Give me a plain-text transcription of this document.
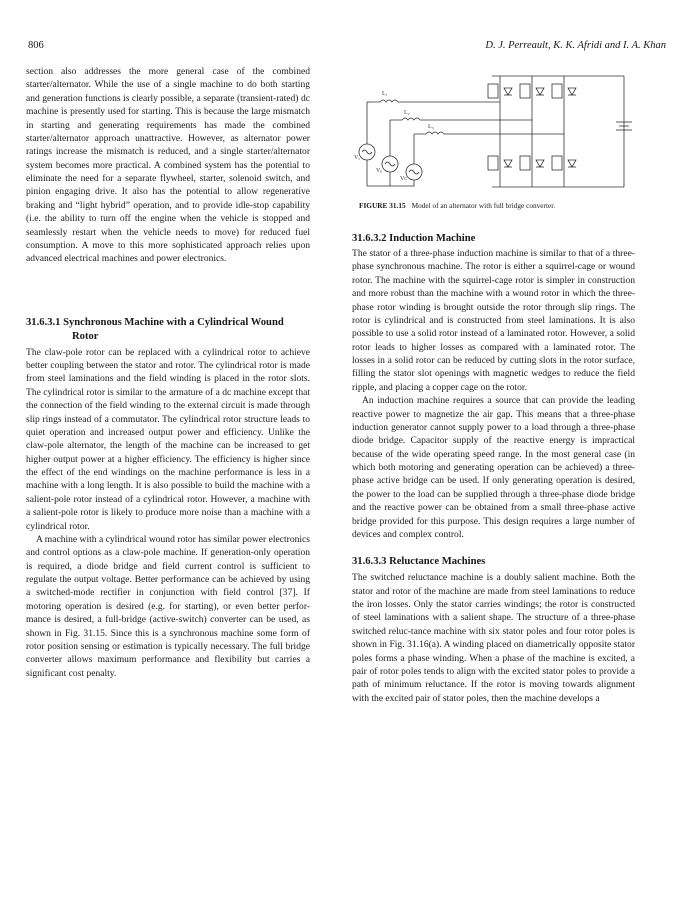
806	D. J. Perreault, K. K. Afridi and I. A. Khan

section also addresses the more general case of the combined starter/alternator. While the use of a single machine to do both starting and generation functions is clearly possible, a separate (transient-rated) dc machine is presently used for starting. This is because the large mismatch in starting and generating requirements has made the combined starter/alternator approach unattractive. However, as alternator power ratings increase the mismatch is reduced, and a single starter/alternator system becomes more practical. A combined system has the potential to eliminate the need for a separate flywheel, starter, solenoid switch, and pinion engaging drive. It also has the potential to allow regenerative braking and “light hybrid” operation, and to provide idle-stop capability (i.e. the ability to turn off the engine when the vehicle is stopped and seamlessly restart when the vehicle needs to move) for reduced fuel consumption. A move to this more sophisticated approach relies upon advanced electrical machines and power electronics.

31.6.3.1 Synchronous Machine with a Cylindrical Wound Rotor

The claw-pole rotor can be replaced with a cylindrical rotor to achieve better coupling between the stator and rotor. The cylindrical rotor is made from steel laminations and the field winding is placed in the rotor slots. The cylindrical rotor is similar to the armature of a dc machine except that the connection of the field winding to the external circuit is made through slip rings instead of a commutator. The cylindrical rotor structure leads to quiet operation and increased output power and efficiency. Unlike the claw-pole alternator, the length of the machine can be increased to get higher output power at a higher efficiency. The efficiency is higher since the effect of the end windings on the machine performance is less in a machine with a long length. It is also possible to build the machine with a salient-pole rotor instead of a cylindrical rotor. However, a machine with a salient-pole rotor is likely to produce more noise than a machine with a cylindrical rotor.

A machine with a cylindrical wound rotor has similar power electronics and control options as a claw-pole machine. If generation-only operation is required, a diode bridge and field current control is sufficient to regulate the output voltage. Better performance can be achieved by using a switched-mode rectifier in conjunction with field control [37]. If motoring operation is desired (e.g. for starting), or even better perfor-mance is desired, a full-bridge (active-switch) converter can be used, as shown in Fig. 31.15. Since this is a synchronous machine some form of rotor position sensing or estimation is typically necessary. The full bridge converter allows maximum performance and flexibility but carries a significant cost penalty.

L₁
L₂
L₃
Vₐ
Vᵦ
Vᴄ
FIGURE 31.15 Model of an alternator with full bridge converter.
31.6.3.2 Induction Machine

The stator of a three-phase induction machine is similar to that of a three-phase synchronous machine. The rotor is either a squirrel-cage or wound rotor. The machine with the squirrel-cage rotor is simpler in construction and more robust than the machine with a wound rotor in which the three-phase rotor winding is brought outside the rotor through slip rings. The rotor is cylindrical and is constructed from steel laminations. It is also possible to use a solid rotor instead of a laminated rotor. However, a solid rotor leads to higher losses as compared with a laminated rotor. The losses in a solid rotor can be reduced by cutting slots in the rotor surface, filling the stator slot openings with magnetic wedges to reduce the field ripple, and placing a copper cage on the rotor.

An induction machine requires a source that can provide the leading reactive power to magnetize the air gap. This means that a three-phase induction generator cannot supply power to a load through a three-phase diode bridge. Capacitor supply of the reactive energy is impractical because of the wide operating speed range. In the most general case (in which both motoring and generating operation can be achieved) a three-phase active bridge can be used. If only generating operation is desired, the power to the load can be supplied through a three-phase diode bridge and the reactive power can be obtained from a small three-phase active bridge provided for this purpose. This design requires a large number of devices and complex control.

31.6.3.3 Reluctance Machines

The switched reluctance machine is a doubly salient machine. Both the stator and rotor of the machine are made from steel laminations to reduce the iron losses. Only the stator carries windings; the rotor is constructed of steel laminations with a salient shape. The structure of a three-phase switched reluc-tance machine with six stator poles and four rotor poles is shown in Fig. 31.16(a). A winding placed on diametrically opposite stator poles forms a phase winding. When a phase of the machine is excited, a pair of rotor poles tends to align with the excited stator poles to provide a path of minimum reluctance. If the rotor is moving towards alignment with the excited pair of stator poles, then the machine develops a
